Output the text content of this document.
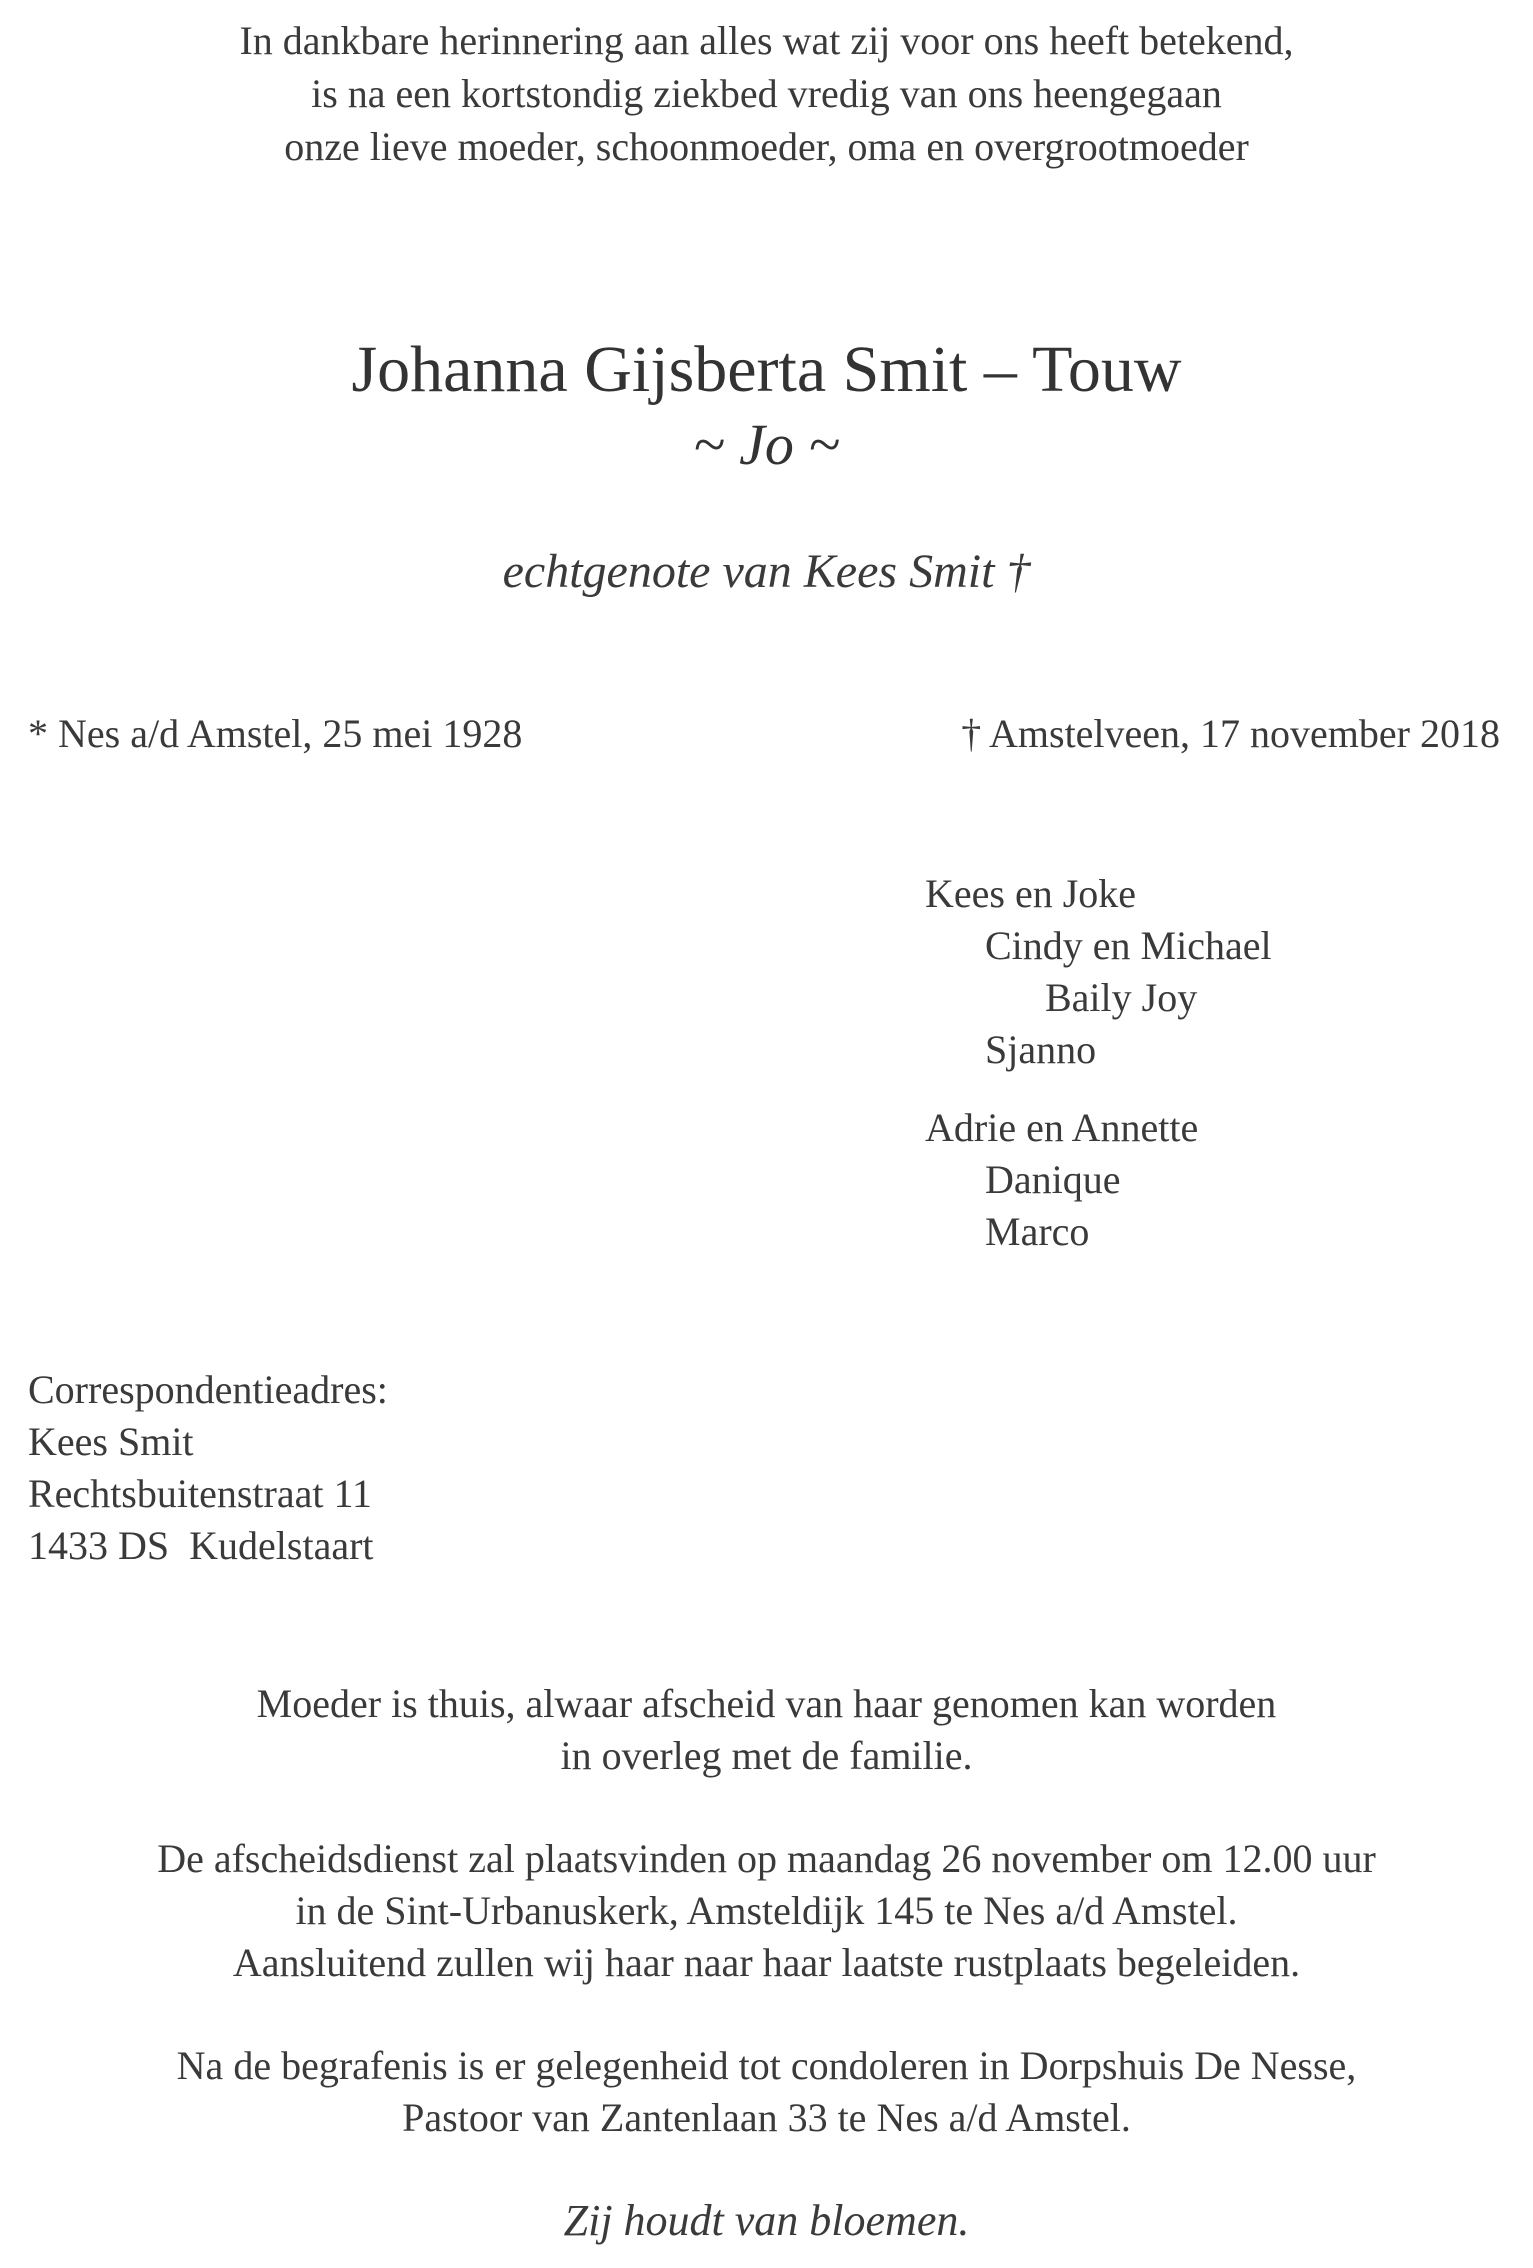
In dankbare herinnering aan alles wat zij voor ons heeft betekend,
is na een kortstondig ziekbed vredig van ons heengegaan
onze lieve moeder, schoonmoeder, oma en overgrootmoeder
Johanna Gijsberta Smit – Touw
~ Jo ~
echtgenote van Kees Smit †
* Nes a/d Amstel, 25 mei 1928	† Amstelveen, 17 november 2018
Kees en Joke
Cindy en Michael
Baily Joy
Sjanno
Adrie en Annette
Danique
Marco
Correspondentieadres:
Kees Smit
Rechtsbuitenstraat 11
1433 DS  Kudelstaart
Moeder is thuis, alwaar afscheid van haar genomen kan worden
in overleg met de familie.
De afscheidsdienst zal plaatsvinden op maandag 26 november om 12.00 uur
in de Sint-Urbanuskerk, Amsteldijk 145 te Nes a/d Amstel.
Aansluitend zullen wij haar naar haar laatste rustplaats begeleiden.
Na de begrafenis is er gelegenheid tot condoleren in Dorpshuis De Nesse,
Pastoor van Zantenlaan 33 te Nes a/d Amstel.
Zij houdt van bloemen.
